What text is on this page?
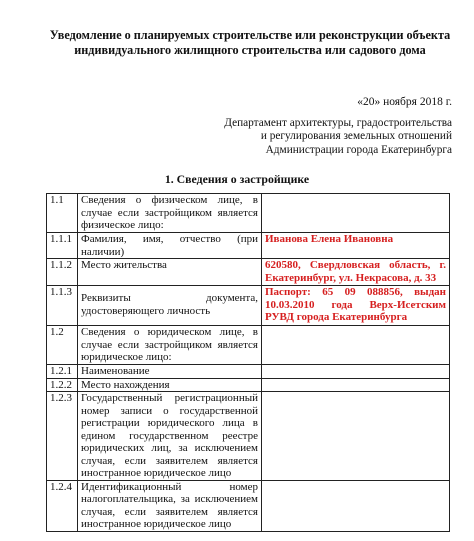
Уведомление о планируемых строительстве или реконструкции объекта
индивидуального жилищного строительства или садового дома
«20» ноября 2018 г.
Департамент архитектуры, градостроительства
и регулирования земельных отношений
Администрации города Екатеринбурга
1. Сведения о застройщике
1.1	Сведения о физическом лице, в случае если застройщиком является физическое лицо:	
1.1.1	Фамилия, имя, отчество (при наличии)	Иванова Елена Ивановна
1.1.2	Место жительства	620580, Свердловская область, г. Екатеринбург, ул. Некрасова, д. 33
1.1.3	Реквизиты документа, удостоверяющего личность	Паспорт: 65 09 088856, выдан 10.03.2010 года Верх-Исетским РУВД города Екатеринбурга
1.2	Сведения о юридическом лице, в случае если застройщиком является юридическое лицо:	
1.2.1	Наименование	
1.2.2	Место нахождения	
1.2.3	Государственный регистрационный номер записи о государственной регистрации юридического лица в едином государственном реестре юридических лиц, за исключением случая, если заявителем является иностранное юридическое лицо	
1.2.4	Идентификационный номер налогоплательщика, за исключением случая, если заявителем является иностранное юридическое лицо	
